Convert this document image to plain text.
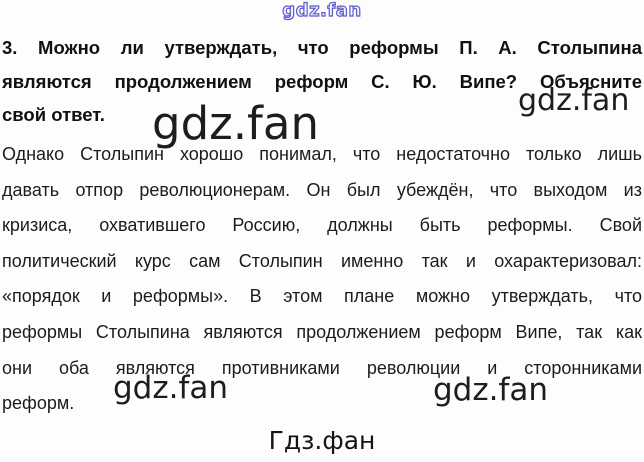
gdz.fan
3. Можно ли утверждать, что реформы П. А. Столыпина
являются продолжением реформ С. Ю. Випе? Объясните
свой ответ.	gdz.fan	gdz.fan
Однако Столыпин хорошо понимал, что недостаточно только лишь
давать отпор революционерам. Он был убеждён, что выходом из
кризиса, охватившего Россию, должны быть реформы. Свой
политический курс сам Столыпин именно так и охарактеризовал:
«порядок и реформы». В этом плане можно утверждать, что
реформы Столыпина являются продолжением реформ Випе, так как
они оба являются противниками революции и сторонниками
реформ.	gdz.fan	gdz.fan
Гдз.фан
